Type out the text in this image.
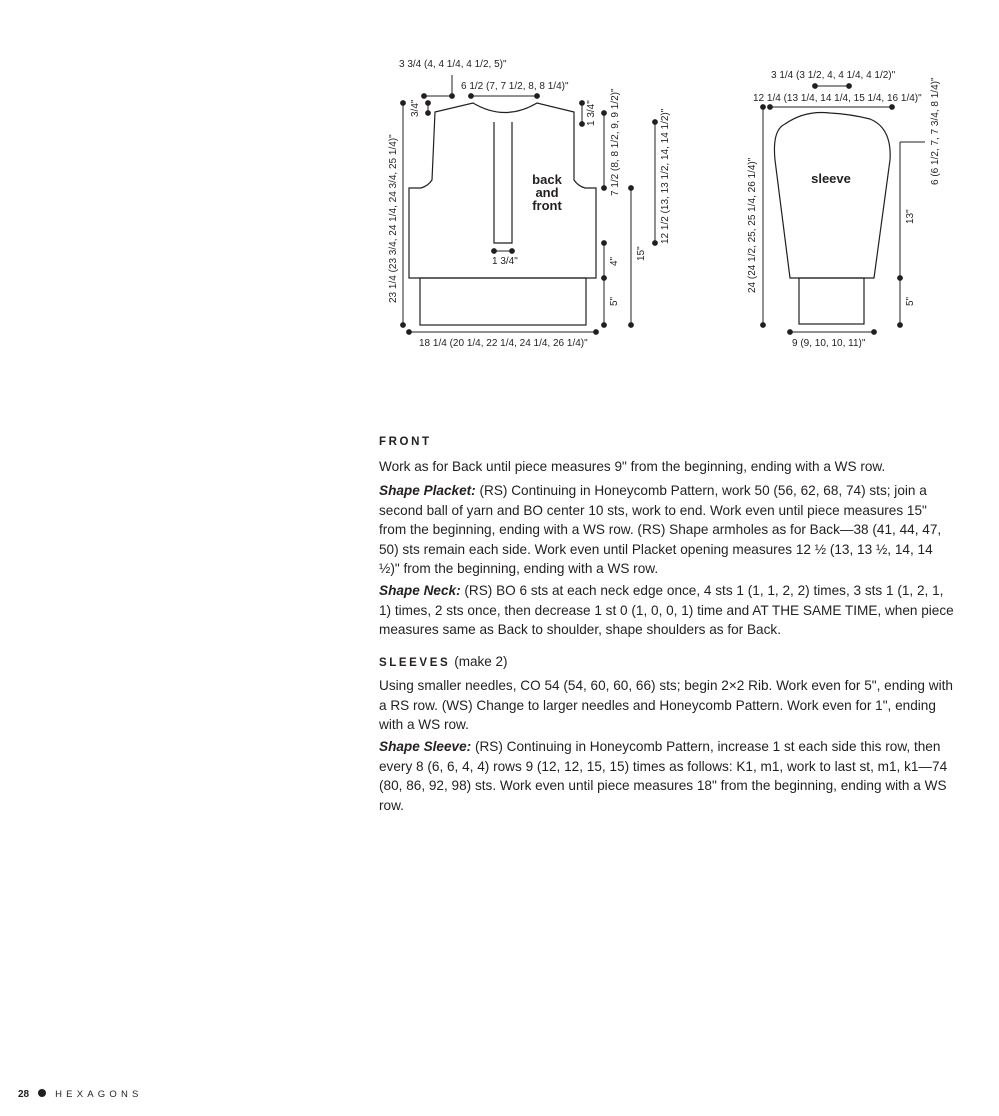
back
and
front
sleeve
3 3/4 (4, 4 1/4, 4 1/2, 5)"
6 1/2 (7, 7 1/2, 8, 8 1/4)"
3/4"	1 3/4" 7 1/2 (8, 8 1/2, 9, 9 1/2)"	12 1/2 (13, 13 1/2, 14, 14 1/2)"
23 1/4 (23 3/4, 24 1/4, 24 3/4, 25 1/4)"	1 3/4"	4"
15"
5"
18 1/4 (20 1/4, 22 1/4, 24 1/4, 26 1/4)"
3 1/4 (3 1/2, 4, 4 1/4, 4 1/2)"
12 1/4 (13 1/4, 14 1/4, 15 1/4, 16 1/4)" 6 (6 1/2, 7, 7 3/4, 8 1/4)"
24 (24 1/2, 25, 25 1/4, 26 1/4)"	13"
5"
9 (9, 10, 10, 11)"
FRONT

Work as for Back until piece measures 9" from the beginning, ending with a WS row.

Shape Placket: (RS) Continuing in Honeycomb Pattern, work 50 (56, 62, 68, 74) sts; join a second ball of yarn and BO center 10 sts, work to end. Work even until piece measures 15" from the beginning, ending with a WS row. (RS) Shape armholes as for Back—38 (41, 44, 47, 50) sts remain each side. Work even until Placket opening measures 12 ½ (13, 13 ½, 14, 14 ½)" from the beginning, ending with a WS row.

Shape Neck: (RS) BO 6 sts at each neck edge once, 4 sts 1 (1, 1, 2, 2) times, 3 sts 1 (1, 2, 1, 1) times, 2 sts once, then decrease 1 st 0 (1, 0, 0, 1) time and AT THE SAME TIME, when piece measures same as Back to shoulder, shape shoulders as for Back.

SLEEVES (make 2)

Using smaller needles, CO 54 (54, 60, 60, 66) sts; begin 2×2 Rib. Work even for 5", ending with a RS row. (WS) Change to larger needles and Honeycomb Pattern. Work even for 1", ending with a WS row.

Shape Sleeve: (RS) Continuing in Honeycomb Pattern, increase 1 st each side this row, then every 8 (6, 6, 4, 4) rows 9 (12, 12, 15, 15) times as follows: K1, m1, work to last st, m1, k1—74 (80, 86, 92, 98) sts. Work even until piece measures 18" from the beginning, ending with a WS row.

28	HEXAGONS
